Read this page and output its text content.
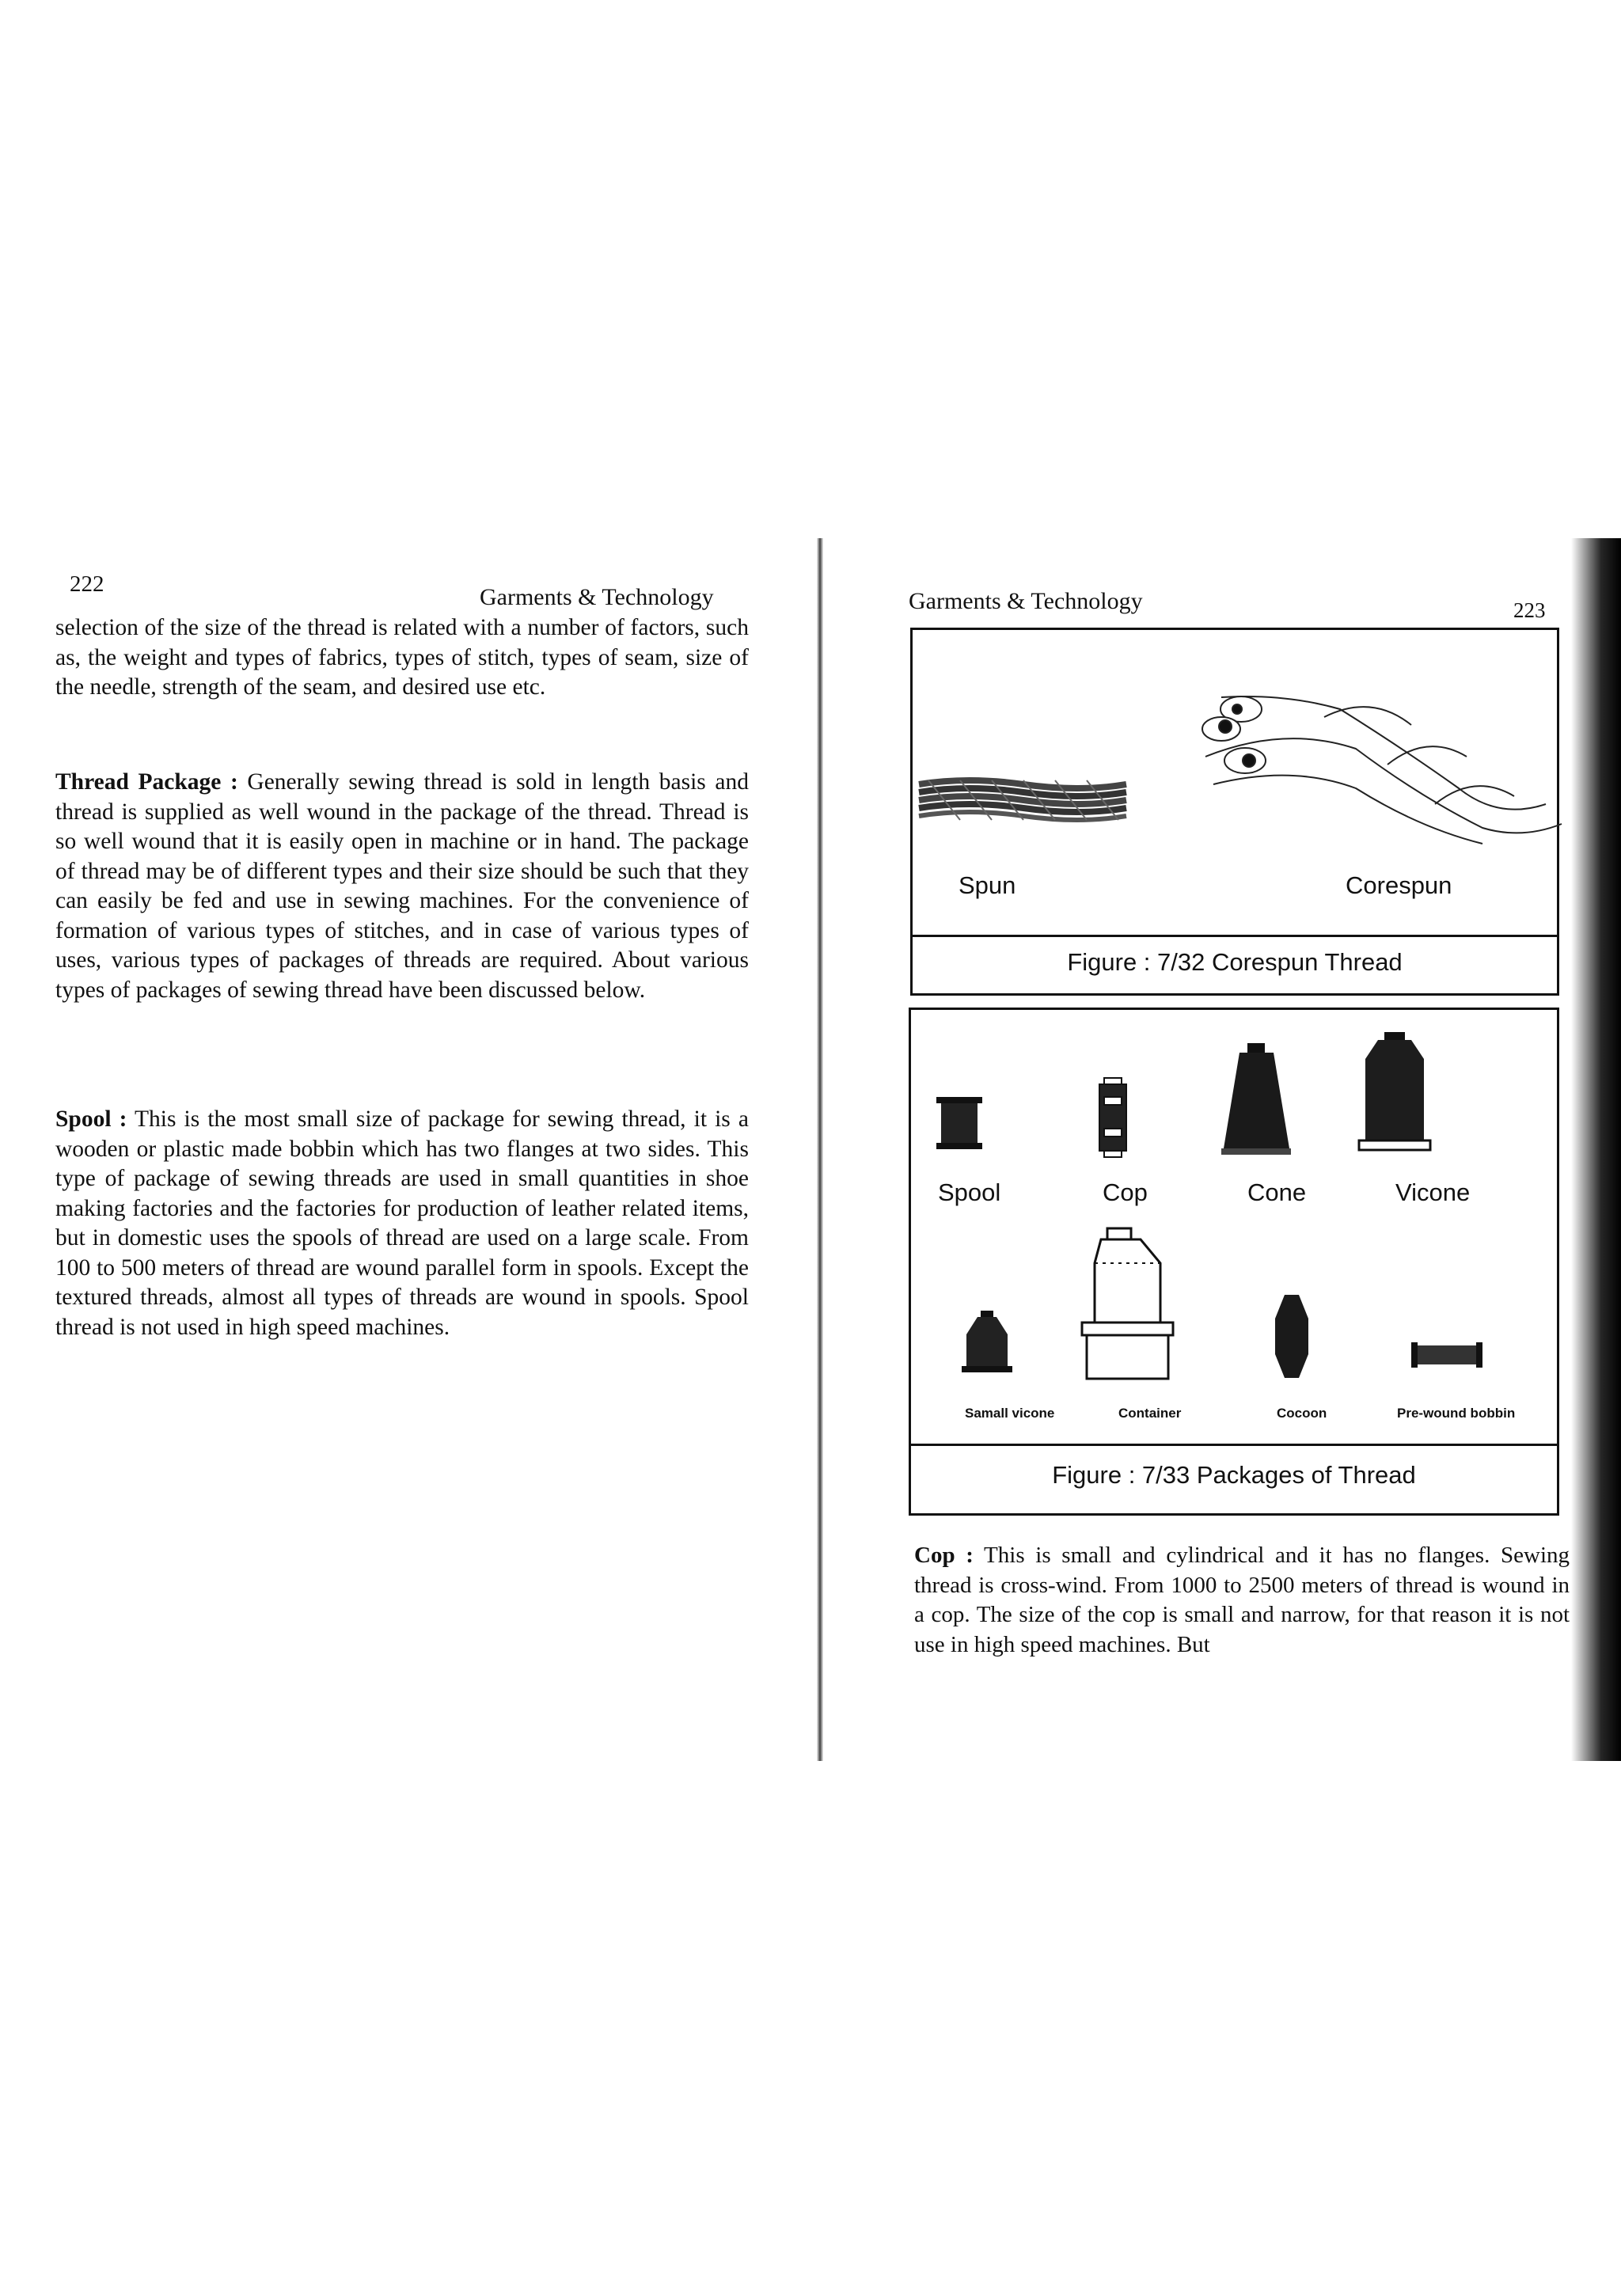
222	Garments & Technology

selection of the size of the thread is related with a number of factors, such as, the weight and types of fabrics, types of stitch, types of seam, size of the needle, strength of the seam, and desired use etc.

Thread Package : Generally sewing thread is sold in length basis and thread is supplied as well wound in the package of the thread. Thread is so well wound that it is easily open in machine or in hand. The package of thread may be of different types and their size should be such that they can easily be fed and use in sewing machines. For the convenience of formation of various types of stitches, and in case of various types of uses, various types of packages of threads are required. About various types of packages of sewing thread have been discussed below.

Spool : This is the most small size of package for sewing thread, it is a wooden or plastic made bobbin which has two flanges at two sides. This type of package of sewing threads are used in small quantities in shoe making factories and the factories for production of leather related items, but in domestic uses the spools of thread are used on a large scale. From 100 to 500 meters of thread are wound parallel form in spools. Except the textured threads, almost all types of threads are wound in spools. Spool thread is not used in high speed machines.

Garments & Technology	223
Spun	Corespun
Figure : 7/32 Corespun Thread
Spool	Cop	Cone	Vicone
Samall vicone	Container	Cocoon	Pre-wound bobbin
Figure : 7/33 Packages of Thread

Cop : This is small and cylindrical and it has no flanges. Sewing thread is cross-wind. From 1000 to 2500 meters of thread is wound in a cop. The size of the cop is small and narrow, for that reason it is not use in high speed machines. But
